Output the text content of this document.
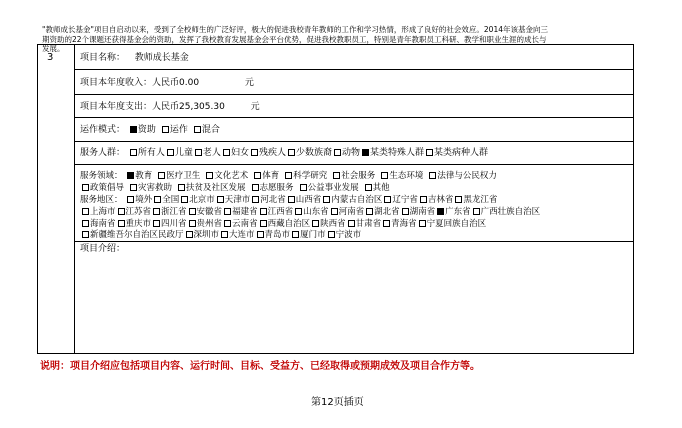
3	项目名称： 教师成长基金
项目本年度收入：人民币0.00	元
项目本年度支出：人民币25,305.30	元
运作模式： 资助 运作 混合
服务人群： 所有人 儿童 老人 妇女 残疾人 少数族裔 动物 某类特殊人群 某类病种人群
服务领域： 教育 医疗卫生 文化艺术 体育 科学研究 社会服务 生态环境 法律与公民权力
政策倡导 灾害救助 扶贫及社区发展 志愿服务 公益事业发展 其他
服务地区： 境外 全国 北京市 天津市 河北省 山西省 内蒙古自治区 辽宁省 吉林省 黑龙江省
上海市 江苏省 浙江省 安徽省 福建省 江西省 山东省 河南省 湖北省 湖南省 广东省 广西壮族自治区
海南省 重庆市 四川省 贵州省 云南省 西藏自治区 陕西省 甘肃省 青海省 宁夏回族自治区
新疆维吾尔自治区民政厅 深圳市 大连市 青岛市 厦门市 宁波市
项目介绍：
"教师成长基金"项目自启动以来，受到了全校师生的广泛好评，极大的促进我校青年教师的工作和学习热情，形成了良好的社会效应。2014年该基金向三期资助的22个课题还获得基金会的资助，发挥了我校教育发展基金会平台优势，促进我校教职员工，特别是青年教职员工科研、教学和职业生涯的成长与发展。
说明：项目介绍应包括项目内容、运行时间、目标、受益方、已经取得或预期成效及项目合作方等。
第12页插页
